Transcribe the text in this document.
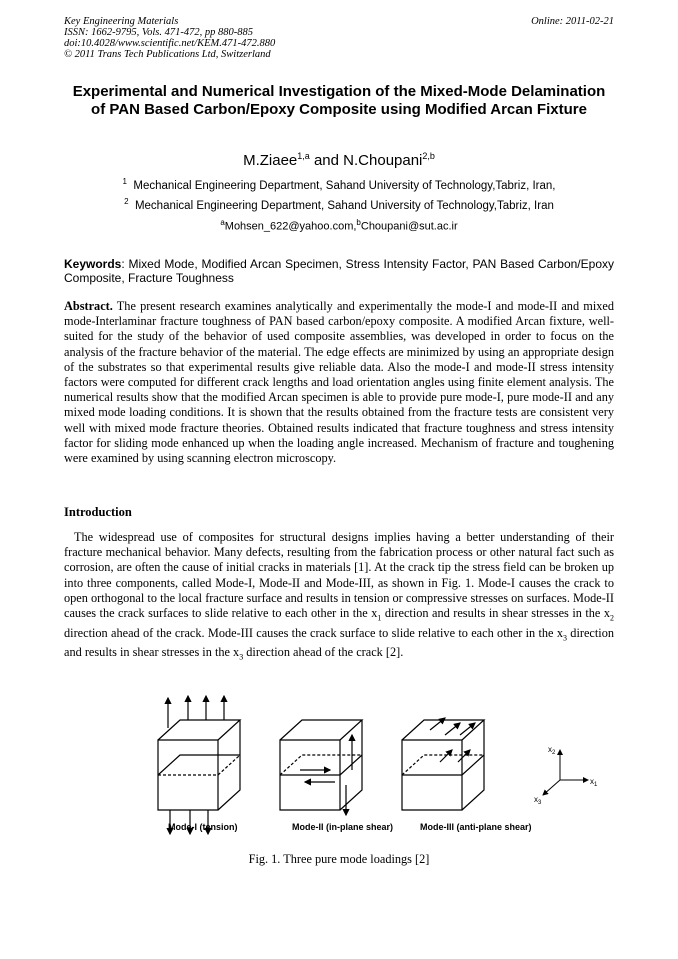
Key Engineering Materials
ISSN: 1662-9795, Vols. 471-472, pp 880-885
doi:10.4028/www.scientific.net/KEM.471-472.880
© 2011 Trans Tech Publications Ltd, Switzerland
Online: 2011-02-21
Experimental and Numerical Investigation of the Mixed-Mode Delamination of PAN Based Carbon/Epoxy Composite using Modified Arcan Fixture
M.Ziaee$^{1,a}$ and N.Choupani$^{2,b}$
$^1$ Mechanical Engineering Department, Sahand University of Technology,Tabriz, Iran,
$^2$ Mechanical Engineering Department, Sahand University of Technology,Tabriz, Iran
$^a$Mohsen_622@yahoo.com,$^b$Choupani@sut.ac.ir
Keywords: Mixed Mode, Modified Arcan Specimen, Stress Intensity Factor, PAN Based Carbon/Epoxy Composite, Fracture Toughness
Abstract. The present research examines analytically and experimentally the mode-I and mode-II and mixed mode-Interlaminar fracture toughness of PAN based carbon/epoxy composite. A modified Arcan fixture, well-suited for the study of the behavior of used composite assemblies, was developed in order to focus on the analysis of the fracture behavior of the material. The edge effects are minimized by using an appropriate design of the substrates so that experimental results give reliable data. Also the mode-I and mode-II stress intensity factors were computed for different crack lengths and load orientation angles using finite element analysis. The numerical results show that the modified Arcan specimen is able to provide pure mode-I, pure mode-II and any mixed mode loading conditions. It is shown that the results obtained from the fracture tests are consistent very well with mixed mode fracture theories. Obtained results indicated that fracture toughness and stress intensity factor for sliding mode enhanced up when the loading angle increased. Mechanism of fracture and toughening were examined by using scanning electron microscopy.
Introduction
The widespread use of composites for structural designs implies having a better understanding of their fracture mechanical behavior. Many defects, resulting from the fabrication process or other natural fact such as corrosion, are often the cause of initial cracks in materials [1]. At the crack tip the stress field can be broken up into three components, called Mode-I, Mode-II and Mode-III, as shown in Fig. 1. Mode-I causes the crack to open orthogonal to the local fracture surface and results in tension or compressive stresses on surfaces. Mode-II causes the crack surfaces to slide relative to each other in the $x_1$ direction and results in shear stresses in the $x_2$ direction ahead of the crack. Mode-III causes the crack surface to slide relative to each other in the $x_3$ direction and results in shear stresses in the $x_3$ direction ahead of the crack [2].
$x_2$
$x_1$
$x_3$
Mode-I (tension)	Mode-II (in-plane shear)	Mode-III (anti-plane shear)
Fig. 1. Three pure mode loadings [2]
